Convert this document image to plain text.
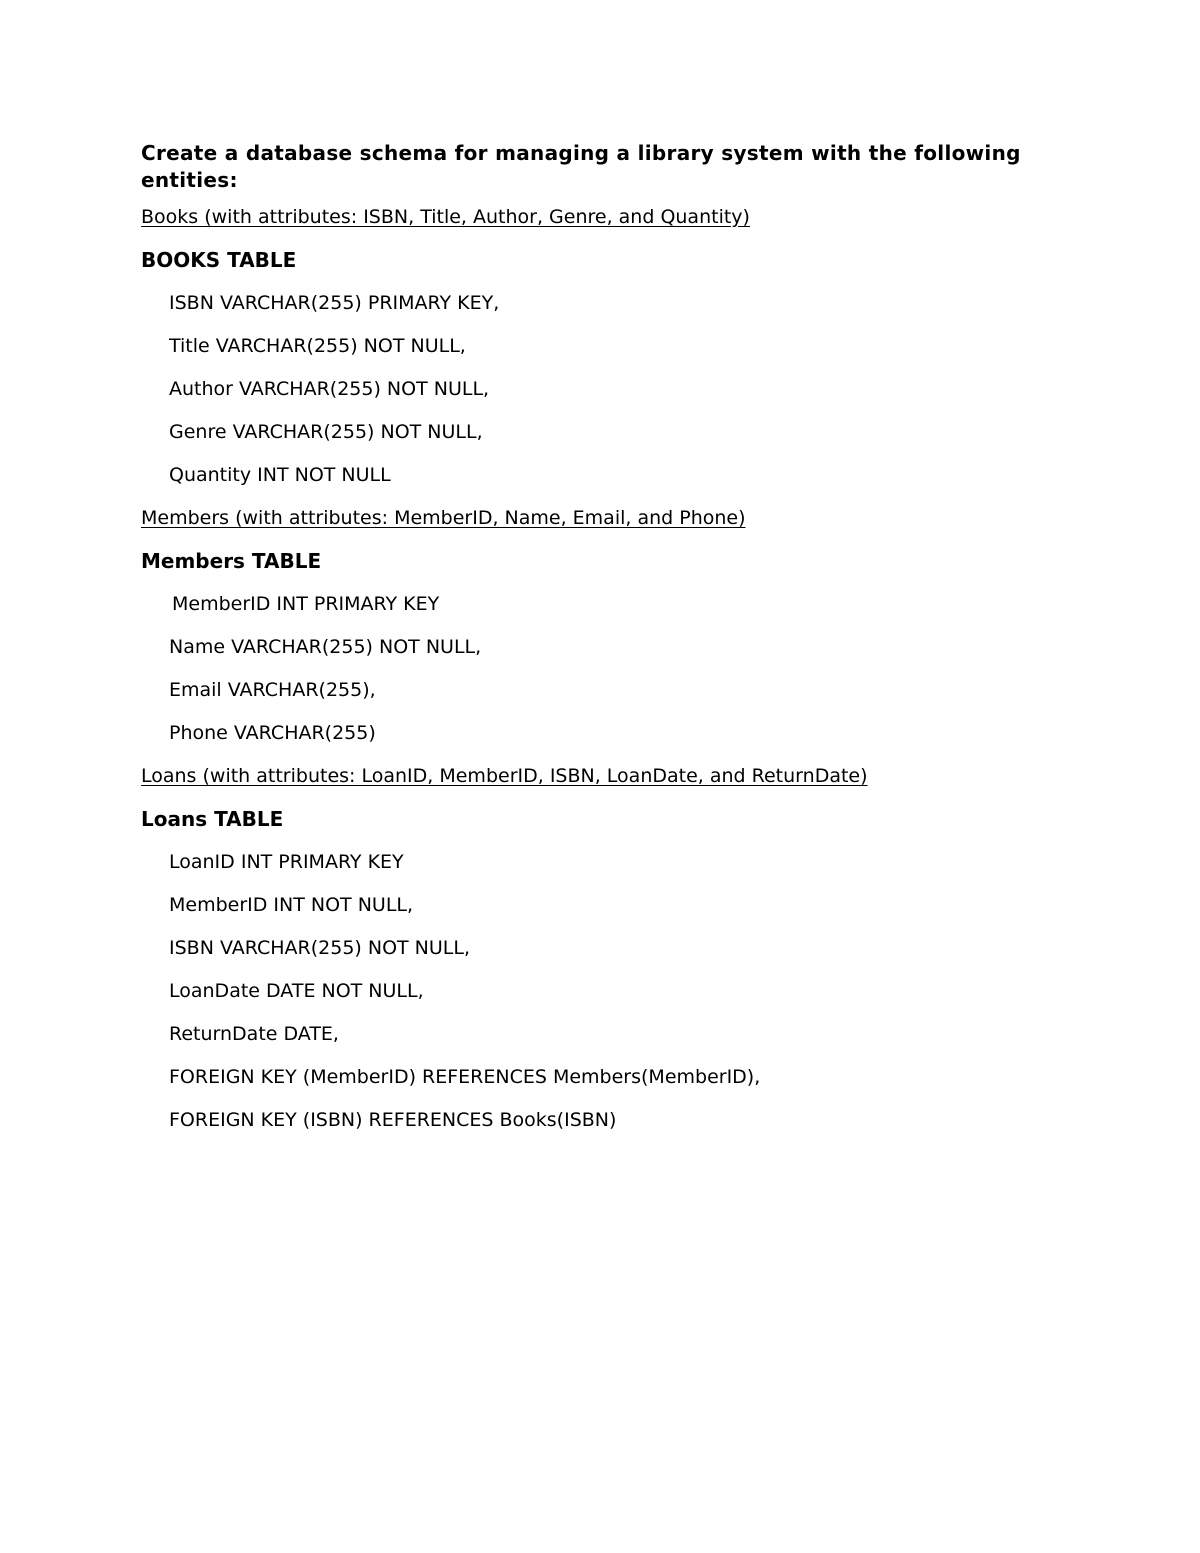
Create a database schema for managing a library system with the following entities:
Books (with attributes: ISBN, Title, Author, Genre, and Quantity)
BOOKS TABLE
ISBN VARCHAR(255) PRIMARY KEY,
Title VARCHAR(255) NOT NULL,
Author VARCHAR(255) NOT NULL,
Genre VARCHAR(255) NOT NULL,
Quantity INT NOT NULL
Members (with attributes: MemberID, Name, Email, and Phone)
Members TABLE
MemberID INT PRIMARY KEY
Name VARCHAR(255) NOT NULL,
Email VARCHAR(255),
Phone VARCHAR(255)
Loans (with attributes: LoanID, MemberID, ISBN, LoanDate, and ReturnDate)
Loans TABLE
LoanID INT PRIMARY KEY
MemberID INT NOT NULL,
ISBN VARCHAR(255) NOT NULL,
LoanDate DATE NOT NULL,
ReturnDate DATE,
FOREIGN KEY (MemberID) REFERENCES Members(MemberID),
FOREIGN KEY (ISBN) REFERENCES Books(ISBN)
